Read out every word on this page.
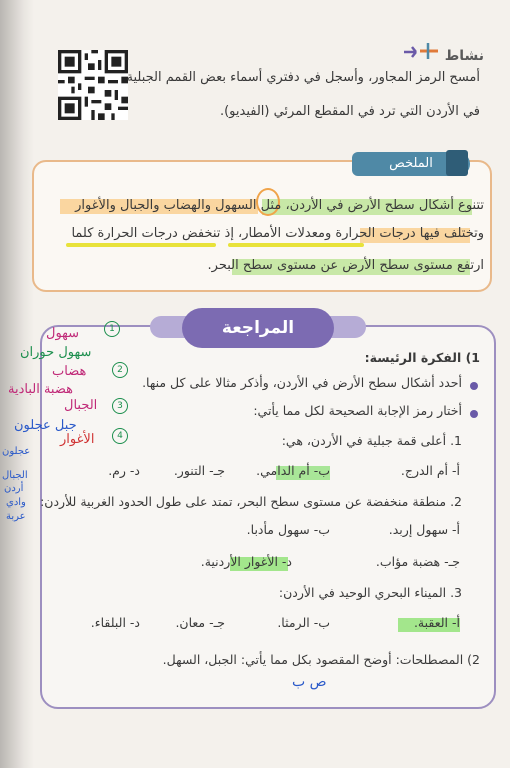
نشاط
أمسح الرمز المجاور، وأسجل في دفتري أسماء بعض القمم الجبلية
في الأردن التي ترد في المقطع المرئي (الفيديو).
الملخص
تتنوع أشكال سطح الأرض في الأردن، مثل السهول والهضاب والجبال والأغوار
وتختلف فيها درجات الحرارة ومعدلات الأمطار، إذ تنخفض درجات الحرارة كلما
ارتفع مستوى سطح الأرض عن مستوى سطح البحر.
المراجعة
1) الفكرة الرئيسة:
أحدد أشكال سطح الأرض في الأردن، وأذكر مثالا على كل منها.
أختار رمز الإجابة الصحيحة لكل مما يأتي:
1. أعلى قمة جبلية في الأردن، هي:
أ- أم الدرج.
ب- أم الدامي.
جـ- التنور.
د- رم.
2. منطقة منخفضة عن مستوى سطح البحر، تمتد على طول الحدود الغربية للأردن:
أ- سهول إربد.
ب- سهول مأدبا.
جـ- هضبة مؤاب.
د- الأغوار الأردنية.
3. الميناء البحري الوحيد في الأردن:
أ- العقبة.
ب- الرمثا.
جـ- معان.
د- البلقاء.
2) المصطلحات: أوضح المقصود بكل مما يأتي: الجبل، السهل.
1
سهول
سهول حوران
2
هضاب
هضبة البادية
3
الجبال
جبل عجلون
4
الأغوار
عجلون
وادي
عربة
الجبال
أردن
ص ب
